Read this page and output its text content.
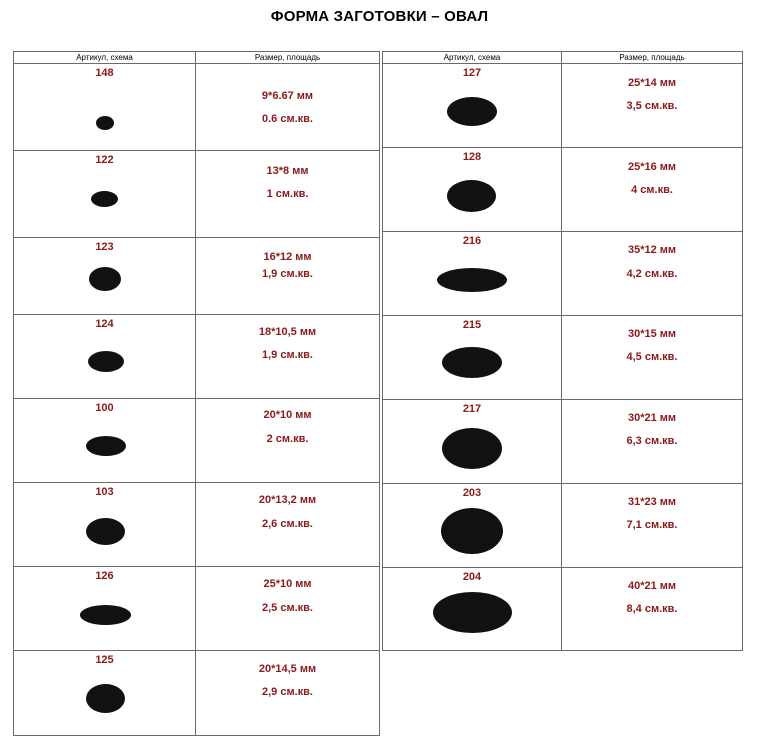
ФОРМА ЗАГОТОВКИ – ОВАЛ
Артикул, схема	Размер, площадь

148	9*6.67 мм
0.6 см.кв.

122	13*8 мм
1 см.кв.

123	16*12 мм
1,9 см.кв.

124	18*10,5 мм
1,9 см.кв.

100	20*10 мм
2 см.кв.

103	20*13,2 мм
2,6 см.кв.

126	25*10 мм
2,5 см.кв.

125	20*14,5 мм
2,9 см.кв.
Артикул, схема	Размер, площадь

127	25*14 мм
3,5 см.кв.

128	25*16 мм
4 см.кв.

216	35*12 мм
4,2 см.кв.

215	30*15 мм
4,5 см.кв.

217	30*21 мм
6,3 см.кв.

203	31*23 мм
7,1 см.кв.

204	40*21 мм
8,4 см.кв.
